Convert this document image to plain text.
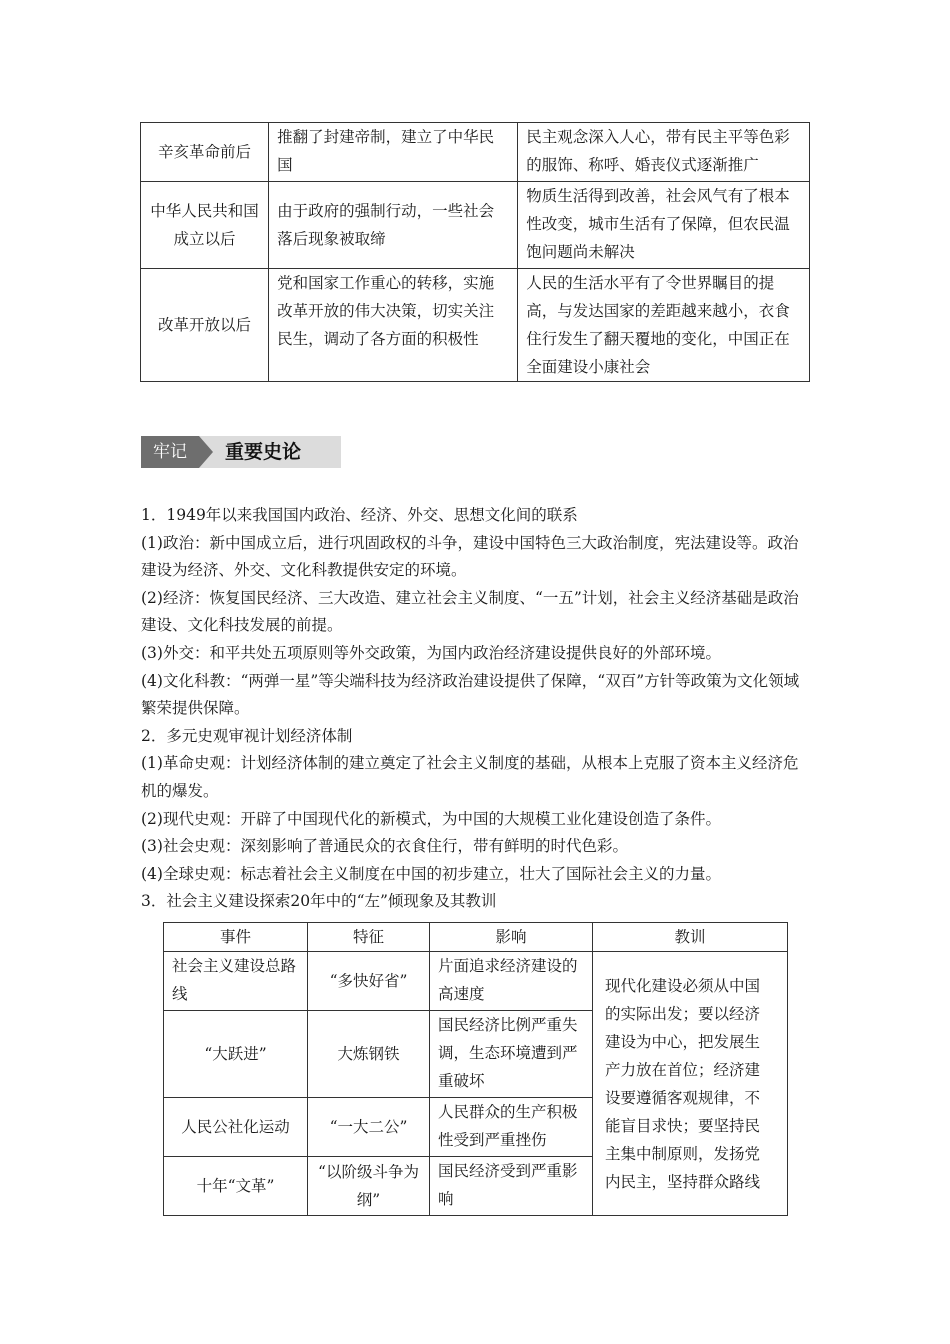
辛亥革命前后	推翻了封建帝制，建立了中华民国	民主观念深入人心，带有民主平等色彩的服饰、称呼、婚丧仪式逐渐推广
中华人民共和国成立以后	由于政府的强制行动，一些社会落后现象被取缔	物质生活得到改善，社会风气有了根本性改变，城市生活有了保障，但农民温饱问题尚未解决
改革开放以后	党和国家工作重心的转移，实施改革开放的伟大决策，切实关注民生，调动了各方面的积极性	人民的生活水平有了令世界瞩目的提高，与发达国家的差距越来越小，衣食住行发生了翻天覆地的变化，中国正在全面建设小康社会
牢记	重要史论

1．1949年以来我国国内政治、经济、外交、思想文化间的联系

(1)政治：新中国成立后，进行巩固政权的斗争，建设中国特色三大政治制度，宪法建设等。政治建设为经济、外交、文化科教提供安定的环境。

(2)经济：恢复国民经济、三大改造、建立社会主义制度、“一五”计划，社会主义经济基础是政治建设、文化科技发展的前提。

(3)外交：和平共处五项原则等外交政策，为国内政治经济建设提供良好的外部环境。

(4)文化科教：“两弹一星”等尖端科技为经济政治建设提供了保障，“双百”方针等政策为文化领域繁荣提供保障。

2．多元史观审视计划经济体制

(1)革命史观：计划经济体制的建立奠定了社会主义制度的基础，从根本上克服了资本主义经济危机的爆发。

(2)现代史观：开辟了中国现代化的新模式，为中国的大规模工业化建设创造了条件。

(3)社会史观：深刻影响了普通民众的衣食住行，带有鲜明的时代色彩。

(4)全球史观：标志着社会主义制度在中国的初步建立，壮大了国际社会主义的力量。

3．社会主义建设探索20年中的“左”倾现象及其教训

事件	特征	影响	教训
社会主义建设总路线	“多快好省”	片面追求经济建设的高速度	现代化建设必须从中国的实际出发；要以经济建设为中心，把发展生产力放在首位；经济建设要遵循客观规律，不能盲目求快；要坚持民主集中制原则，发扬党内民主，坚持群众路线
“大跃进”	大炼钢铁	国民经济比例严重失调，生态环境遭到严重破坏	
人民公社化运动	“一大二公”	人民群众的生产积极性受到严重挫伤	
十年“文革”	“以阶级斗争为纲”	国民经济受到严重影响	
